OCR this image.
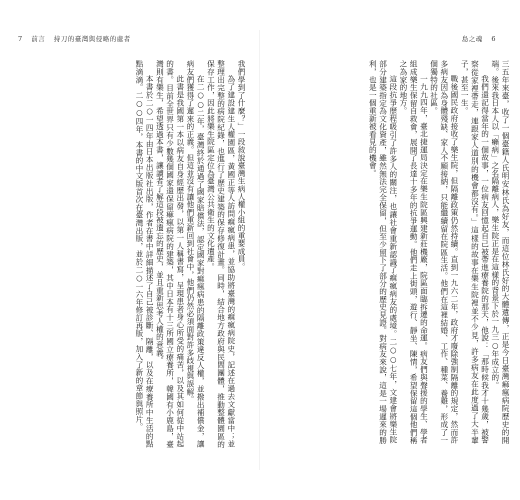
7 前言 持刀的臺灣與侵略的處者

我們學到了什麼？」一段敘說臺灣生病人權小組的重要成員。

為了建設建生人權園區，黃國正等人訪問痲瘋病患，並協助將臺灣的痲瘋病院史，記述在過去文獻當中；並整理出完整的病院紀錄，也進行了歷史建築的保存修復計畫。同時，結合地方政府與民間團體，推動整體園區的保存工作，因此將樂生院區定位為臺灣公共衛生的文化遺產。

在二○○二年，臺灣終於通過了國家賠償法，認定國家對痲瘋病患的隔離政策違反人權，並撥出補償金，讓病友們獲得了遲來的正義。但這並沒有讓他們重新回到社會中，他們仍然必須面對許多歧視與誤解。

此書是我國第一本以病友自身經歷出發，以第一人稱書寫，呈現患者身心所受的痛苦，以及其如何從中站起的書。目前全世界只有少數幾個國家還保留痲瘋病院的建築，其中日本有十三所國立療養所，韓國有小鹿島，臺灣則有樂生，希望透過本書，讓讀者了解這段被遺忘的歷史，並且重新思考人權的意義。

本書於二○一四年由日本出版社出版，作者在書中詳細描述了自己被診斷、隔離，以及在療養所中生活的點點滴滴。二○○四年，本書的中文版首次在臺灣出版，並於二○一六年修訂再版，加入了新的章節與照片。

島之魂 6

三五年來臺，收了一個臺籍人氏明安林氏為好友，而這位林氏好的大體遺傳，正是今日臺灣痲瘋病院歷史的開端。後來我日本人以「癩病」之名隔離病人，樂生院正是在這樣的背景下於一九三○年成立的。

我們還記得當年的一個故事，一位病友回憶起自己被帶進療養院的那天，他說：「那時候我才十幾歲，被警察從家裡帶走，連跟家人道別的機會都沒有。」這樣的故事在樂生院裡並不少見，許多病友在此度過了大半輩子，甚至一生。

戰後國民政府接收了樂生院，但隔離政策仍然持續。直到一九六二年，政府才廢除強制隔離的規定，然而許多病友因為身體殘缺、家人不願接納，只能繼續留在院區生活。他們在這裡結婚、工作、種菜、養雞，形成了一個獨特的社區。

一九九四年，臺北捷運局決定在樂生院區興建新莊機廠，院區面臨拆遷的命運。病友們與聲援的學生、學者組成樂生保留自救會，展開了長達十多年的抗爭運動。他們走上街頭，遊行、靜坐、陳情，希望保留這個他們稱之為家的地方。

這段抗爭歷程吸引了許多人的關注，也讓社會重新認識了痲瘋病友的處境。二○○七年，文建會將樂生院部分建築指定為文化資產，雖然無法完全保留，但至少留下了部分的歷史見證。對病友來說，這是一場遲來的勝利，也是一個重新被看見的機會。
